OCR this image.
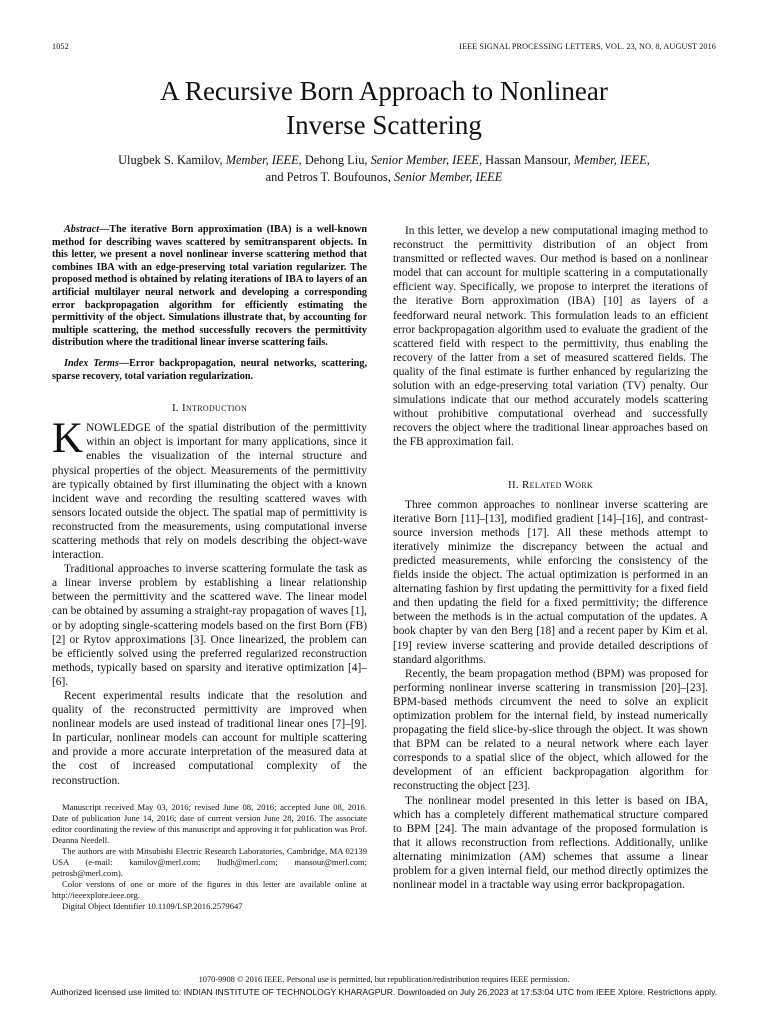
1052	IEEE SIGNAL PROCESSING LETTERS, VOL. 23, NO. 8, AUGUST 2016
A Recursive Born Approach to Nonlinear
Inverse Scattering
Ulugbek S. Kamilov, Member, IEEE, Dehong Liu, Senior Member, IEEE, Hassan Mansour, Member, IEEE,
and Petros T. Boufounos, Senior Member, IEEE

Abstract—The iterative Born approximation (IBA) is a well-known method for describing waves scattered by semitransparent objects. In this letter, we present a novel nonlinear inverse scattering method that combines IBA with an edge-preserving total variation regularizer. The proposed method is obtained by relating iterations of IBA to layers of an artificial multilayer neural network and developing a corresponding error backpropagation algorithm for efficiently estimating the permittivity of the object. Simulations illustrate that, by accounting for multiple scattering, the method successfully recovers the permittivity distribution where the traditional linear inverse scattering fails.

Index Terms—Error backpropagation, neural networks, scattering, sparse recovery, total variation regularization.

I. Introduction

KNOWLEDGE of the spatial distribution of the permittivity within an object is important for many applications, since it enables the visualization of the internal structure and physical properties of the object. Measurements of the permittivity are typically obtained by first illuminating the object with a known incident wave and recording the resulting scattered waves with sensors located outside the object. The spatial map of permittivity is reconstructed from the measurements, using computational inverse scattering methods that rely on models describing the object-wave interaction.

Traditional approaches to inverse scattering formulate the task as a linear inverse problem by establishing a linear relationship between the permittivity and the scattered wave. The linear model can be obtained by assuming a straight-ray propagation of waves [1], or by adopting single-scattering models based on the first Born (FB) [2] or Rytov approximations [3]. Once linearized, the problem can be efficiently solved using the preferred regularized reconstruction methods, typically based on sparsity and iterative optimization [4]–[6].

Recent experimental results indicate that the resolution and quality of the reconstructed permittivity are improved when nonlinear models are used instead of traditional linear ones [7]–[9]. In particular, nonlinear models can account for multiple scattering and provide a more accurate interpretation of the measured data at the cost of increased computational complexity of the reconstruction.

Manuscript received May 03, 2016; revised June 08, 2016; accepted June 08, 2016. Date of publication June 14, 2016; date of current version June 28, 2016. The associate editor coordinating the review of this manuscript and approving it for publication was Prof. Deanna Needell.

The authors are with Mitsubishi Electric Research Laboratories, Cambridge, MA 02139 USA (e-mail: kamilov@merl.com; liudh@merl.com; mansour@merl.com; petrosb@merl.com).

Color versions of one or more of the figures in this letter are available online at http://ieeexplore.ieee.org.

Digital Object Identifier 10.1109/LSP.2016.2579647

In this letter, we develop a new computational imaging method to reconstruct the permittivity distribution of an object from transmitted or reflected waves. Our method is based on a nonlinear model that can account for multiple scattering in a computationally efficient way. Specifically, we propose to interpret the iterations of the iterative Born approximation (IBA) [10] as layers of a feedforward neural network. This formulation leads to an efficient error backpropagation algorithm used to evaluate the gradient of the scattered field with respect to the permittivity, thus enabling the recovery of the latter from a set of measured scattered fields. The quality of the final estimate is further enhanced by regularizing the solution with an edge-preserving total variation (TV) penalty. Our simulations indicate that our method accurately models scattering without prohibitive computational overhead and successfully recovers the object where the traditional linear approaches based on the FB approximation fail.

II. Related Work

Three common approaches to nonlinear inverse scattering are iterative Born [11]–[13], modified gradient [14]–[16], and contrast-source inversion methods [17]. All these methods attempt to iteratively minimize the discrepancy between the actual and predicted measurements, while enforcing the consistency of the fields inside the object. The actual optimization is performed in an alternating fashion by first updating the permittivity for a fixed field and then updating the field for a fixed permittivity; the difference between the methods is in the actual computation of the updates. A book chapter by van den Berg [18] and a recent paper by Kim et al. [19] review inverse scattering and provide detailed descriptions of standard algorithms.

Recently, the beam propagation method (BPM) was proposed for performing nonlinear inverse scattering in transmission [20]–[23]. BPM-based methods circumvent the need to solve an explicit optimization problem for the internal field, by instead numerically propagating the field slice-by-slice through the object. It was shown that BPM can be related to a neural network where each layer corresponds to a spatial slice of the object, which allowed for the development of an efficient backpropagation algorithm for reconstructing the object [23].

The nonlinear model presented in this letter is based on IBA, which has a completely different mathematical structure compared to BPM [24]. The main advantage of the proposed formulation is that it allows reconstruction from reflections. Additionally, unlike alternating minimization (AM) schemes that assume a linear problem for a given internal field, our method directly optimizes the nonlinear model in a tractable way using error backpropagation.

1070-9908 © 2016 IEEE. Personal use is permitted, but republication/redistribution requires IEEE permission.
Authorized licensed use limited to: INDIAN INSTITUTE OF TECHNOLOGY KHARAGPUR. Downloaded on July 26,2023 at 17:53:04 UTC from IEEE Xplore. Restrictions apply.
